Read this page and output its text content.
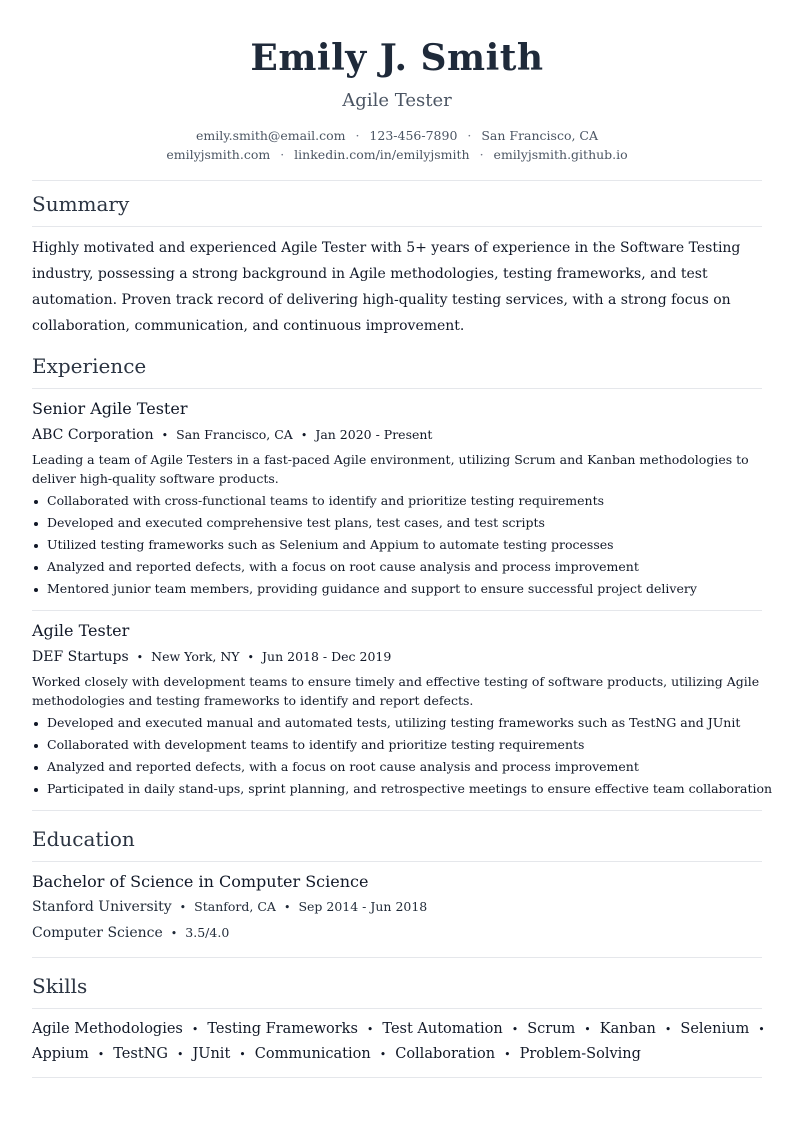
Emily J. Smith
Agile Tester
emily.smith@email.com · 123-456-7890 · San Francisco, CA
emilyjsmith.com · linkedin.com/in/emilyjsmith · emilyjsmith.github.io
Summary

Highly motivated and experienced Agile Tester with 5+ years of experience in the Software Testing industry, possessing a strong background in Agile methodologies, testing frameworks, and test automation. Proven track record of delivering high-quality testing services, with a strong focus on collaboration, communication, and continuous improvement.

Experience
Senior Agile Tester
ABC Corporation • San Francisco, CA • Jan 2020 - Present
Leading a team of Agile Testers in a fast-paced Agile environment, utilizing Scrum and Kanban methodologies to deliver high-quality software products.
Collaborated with cross-functional teams to identify and prioritize testing requirements
Developed and executed comprehensive test plans, test cases, and test scripts
Utilized testing frameworks such as Selenium and Appium to automate testing processes
Analyzed and reported defects, with a focus on root cause analysis and process improvement
Mentored junior team members, providing guidance and support to ensure successful project delivery
Agile Tester
DEF Startups • New York, NY • Jun 2018 - Dec 2019
Worked closely with development teams to ensure timely and effective testing of software products, utilizing Agile methodologies and testing frameworks to identify and report defects.
Developed and executed manual and automated tests, utilizing testing frameworks such as TestNG and JUnit
Collaborated with development teams to identify and prioritize testing requirements
Analyzed and reported defects, with a focus on root cause analysis and process improvement
Participated in daily stand-ups, sprint planning, and retrospective meetings to ensure effective team collaboration
Education
Bachelor of Science in Computer Science
Stanford University • Stanford, CA • Sep 2014 - Jun 2018
Computer Science • 3.5/4.0
Skills
Agile Methodologies • Testing Frameworks • Test Automation • Scrum • Kanban • Selenium •
Appium • TestNG • JUnit • Communication • Collaboration • Problem-Solving
